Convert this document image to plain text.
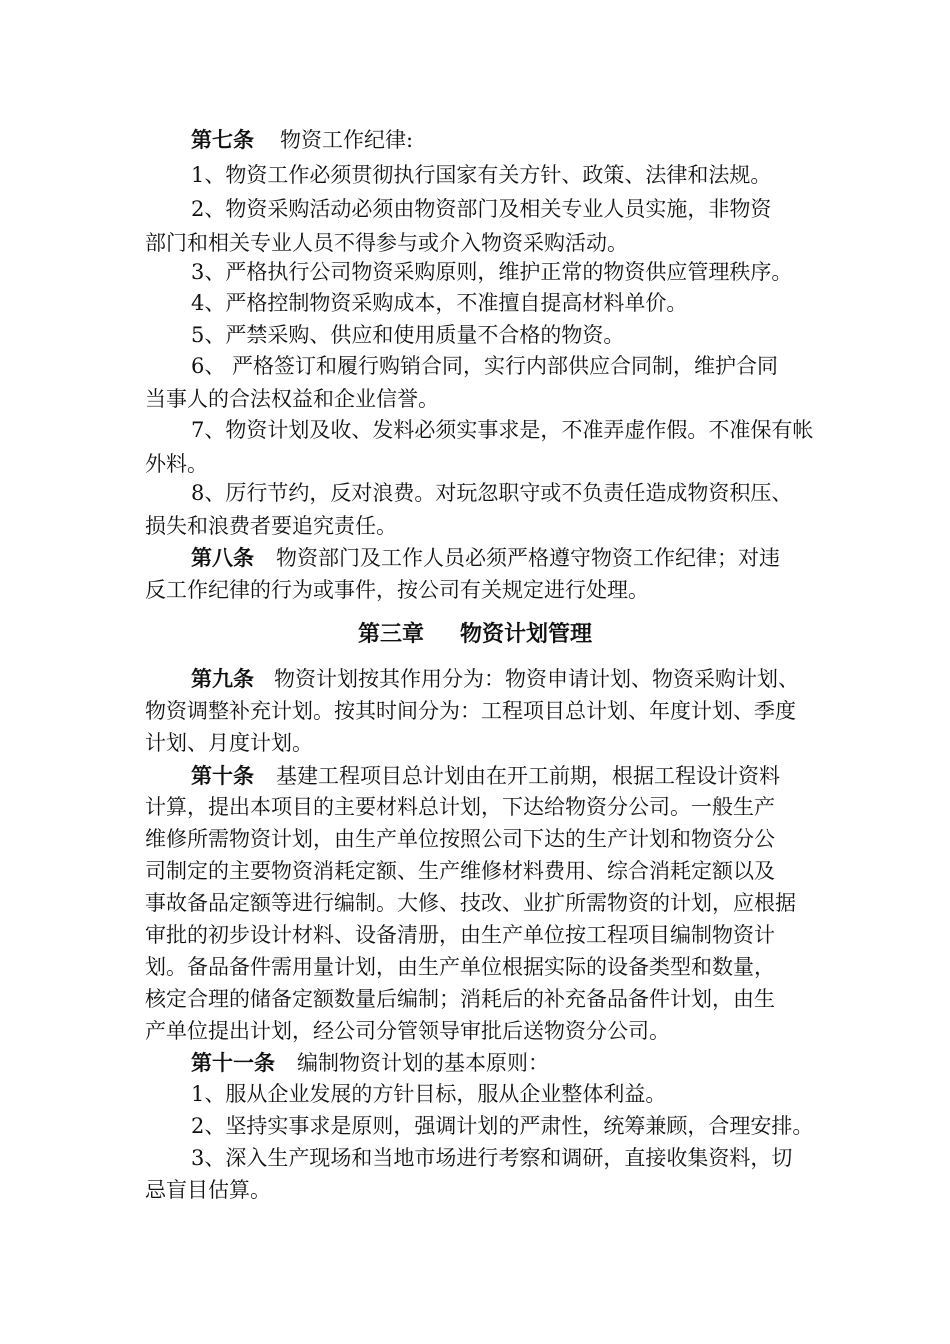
第七条 物资工作纪律:
1、物资工作必须贯彻执行国家有关方针、政策、法律和法规。
2、物资采购活动必须由物资部门及相关专业人员实施，非物资
部门和相关专业人员不得参与或介入物资采购活动。
3、严格执行公司物资采购原则，维护正常的物资供应管理秩序。
4、严格控制物资采购成本，不准擅自提高材料单价。
5、严禁采购、供应和使用质量不合格的物资。
6、 严格签订和履行购销合同，实行内部供应合同制，维护合同
当事人的合法权益和企业信誉。
7、物资计划及收、发料必须实事求是，不准弄虚作假。不准保有帐
外料。
8、厉行节约，反对浪费。对玩忽职守或不负责任造成物资积压、
损失和浪费者要追究责任。
第八条 物资部门及工作人员必须严格遵守物资工作纪律；对违
反工作纪律的行为或事件，按公司有关规定进行处理。
第三章 物资计划管理
第九条 物资计划按其作用分为：物资申请计划、物资采购计划、
物资调整补充计划。按其时间分为：工程项目总计划、年度计划、季度
计划、月度计划。
第十条 基建工程项目总计划由在开工前期，根据工程设计资料
计算，提出本项目的主要材料总计划，下达给物资分公司。一般生产
维修所需物资计划，由生产单位按照公司下达的生产计划和物资分公
司制定的主要物资消耗定额、生产维修材料费用、综合消耗定额以及
事故备品定额等进行编制。大修、技改、业扩所需物资的计划，应根据
审批的初步设计材料、设备清册，由生产单位按工程项目编制物资计
划。备品备件需用量计划，由生产单位根据实际的设备类型和数量，
核定合理的储备定额数量后编制；消耗后的补充备品备件计划，由生
产单位提出计划，经公司分管领导审批后送物资分公司。
第十一条 编制物资计划的基本原则：
1、服从企业发展的方针目标，服从企业整体利益。
2、坚持实事求是原则，强调计划的严肃性，统筹兼顾，合理安排。
3、深入生产现场和当地市场进行考察和调研，直接收集资料，切
忌盲目估算。
